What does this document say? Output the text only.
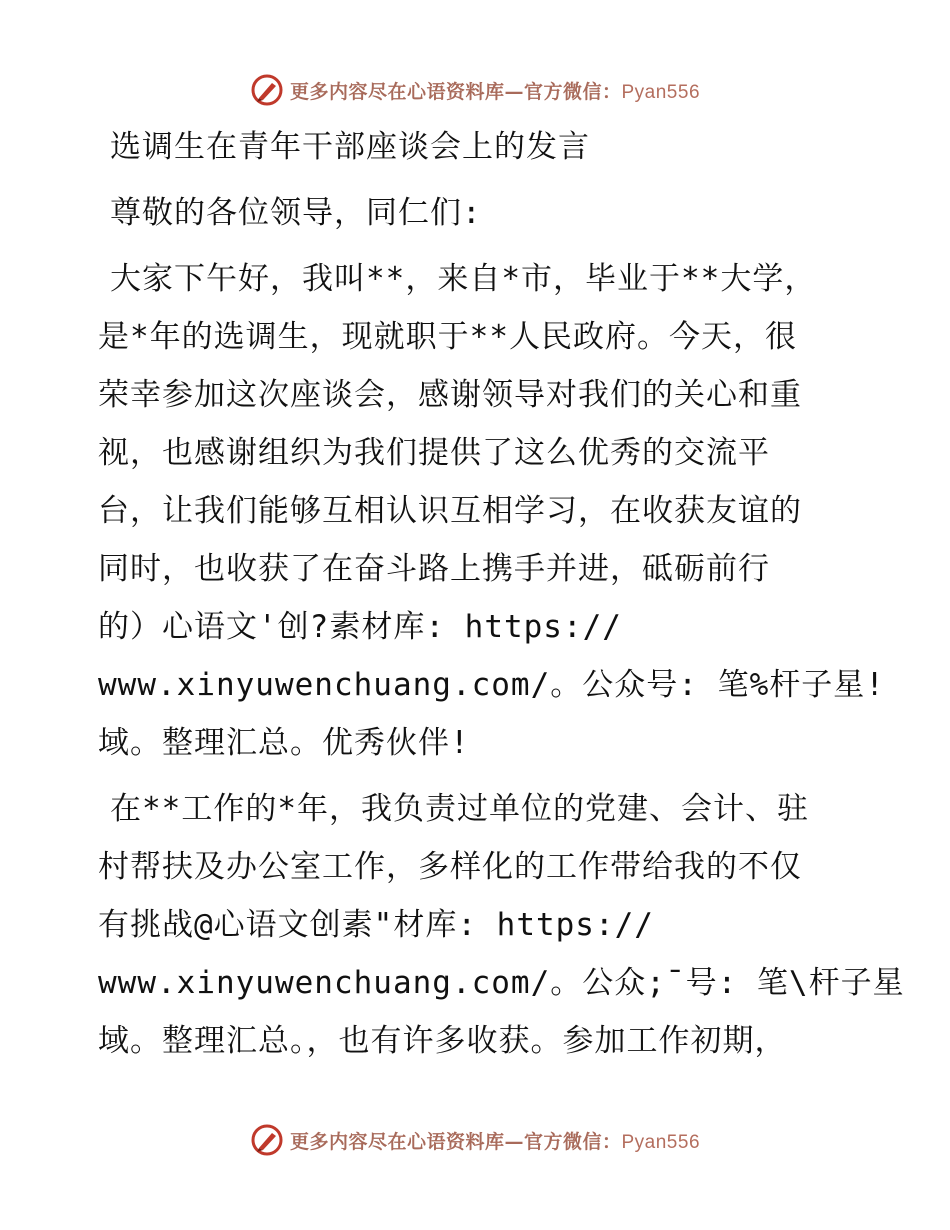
更多内容尽在心语资料库—官方微信：Pyan556
选调生在青年干部座谈会上的发言
尊敬的各位领导，同仁们:
大家下午好，我叫**，来自*市，毕业于**大学，
是*年的选调生，现就职于**人民政府。今天，很
荣幸参加这次座谈会，感谢领导对我们的关心和重
视，也感谢组织为我们提供了这么优秀的交流平
台，让我们能够互相认识互相学习，在收获友谊的
同时，也收获了在奋斗路上携手并进，砥砺前行
的）心语文'创?素材库: https://
www.xinyuwenchuang.com/。公众号: 笔%杆子星!
域。整理汇总。优秀伙伴!
在**工作的*年，我负责过单位的党建、会计、驻
村帮扶及办公室工作，多样化的工作带给我的不仅
有挑战@心语文创素"材库: https://
www.xinyuwenchuang.com/。公众;¯号: 笔\杆子星
域。整理汇总。，也有许多收获。参加工作初期，
更多内容尽在心语资料库—官方微信：Pyan556
